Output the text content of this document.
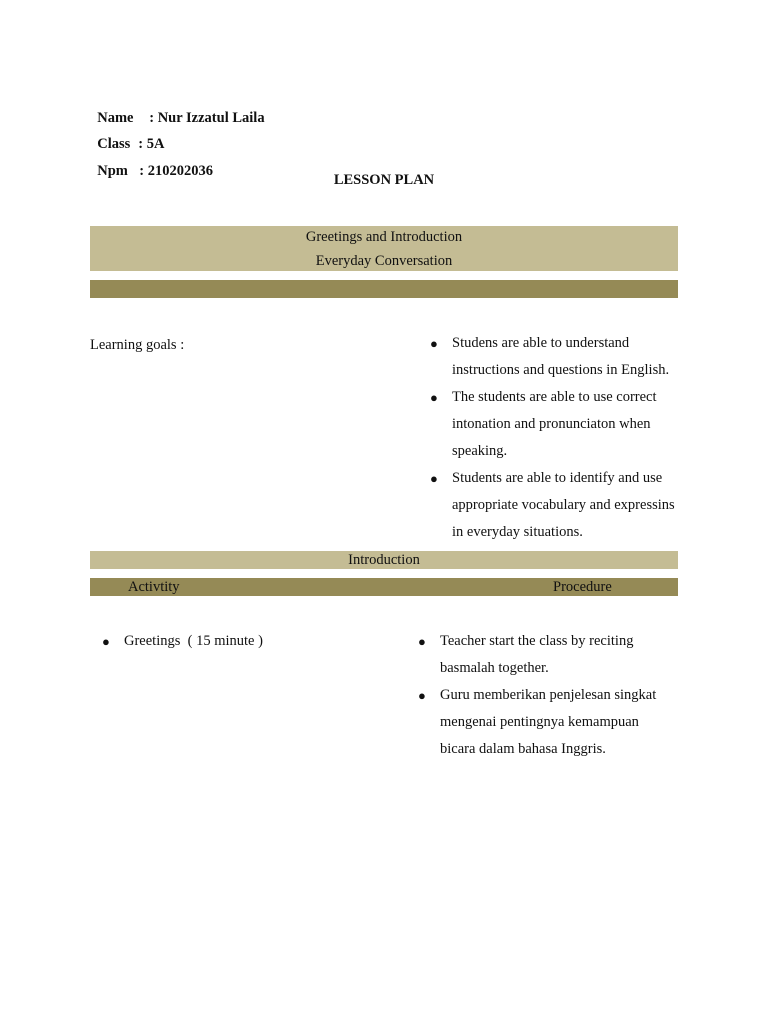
Name : Nur Izzatul Laila

Class : 5A

Npm : 210202036

LESSON PLAN
Greetings and Introduction
Everyday Conversation
Learning goals :	● Studens are able to understand instructions and questions in English.
● The students are able to use correct intonation and pronunciaton when speaking.
● Students are able to identify and use appropriate vocabulary and expressins in everyday situations.
Introduction
Activtity	Procedure
● Greetings  ( 15 minute )	● Teacher start the class by reciting basmalah together.
● Guru memberikan penjelesan singkat mengenai pentingnya kemampuan bicara dalam bahasa Inggris.
